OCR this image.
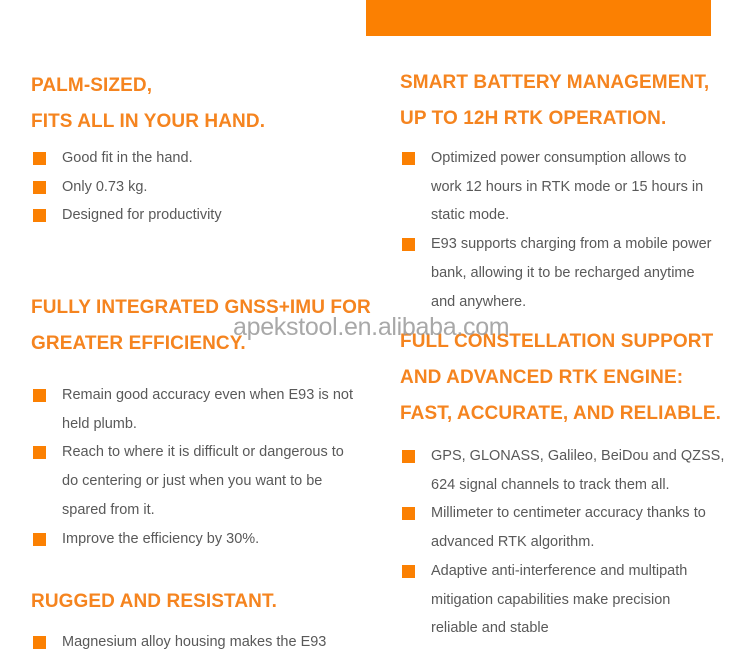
PALM-SIZED,
FITS ALL IN YOUR HAND.
Good fit in the hand.
Only 0.73 kg.
Designed for productivity
SMART BATTERY MANAGEMENT,
UP TO 12H RTK OPERATION.
Optimized power consumption allows to
work 12 hours in RTK mode or 15 hours in
static mode.
E93 supports charging from a mobile power
bank, allowing it to be recharged anytime
and anywhere.
FULLY INTEGRATED GNSS+IMU FOR
GREATER EFFICIENCY.
Remain good accuracy even when E93 is not
held plumb.
Reach to where it is difficult or dangerous to
do centering or just when you want to be
spared from it.
Improve the efficiency by 30%.
FULL CONSTELLATION SUPPORT
AND ADVANCED RTK ENGINE:
FAST, ACCURATE, AND RELIABLE.
GPS, GLONASS, Galileo, BeiDou and QZSS,
624 signal channels to track them all.
Millimeter to centimeter accuracy thanks to
advanced RTK algorithm.
Adaptive anti-interference and multipath
mitigation capabilities make precision
reliable and stable
RUGGED AND RESISTANT.
Magnesium alloy housing makes the E93
apekstool.en.alibaba.com
